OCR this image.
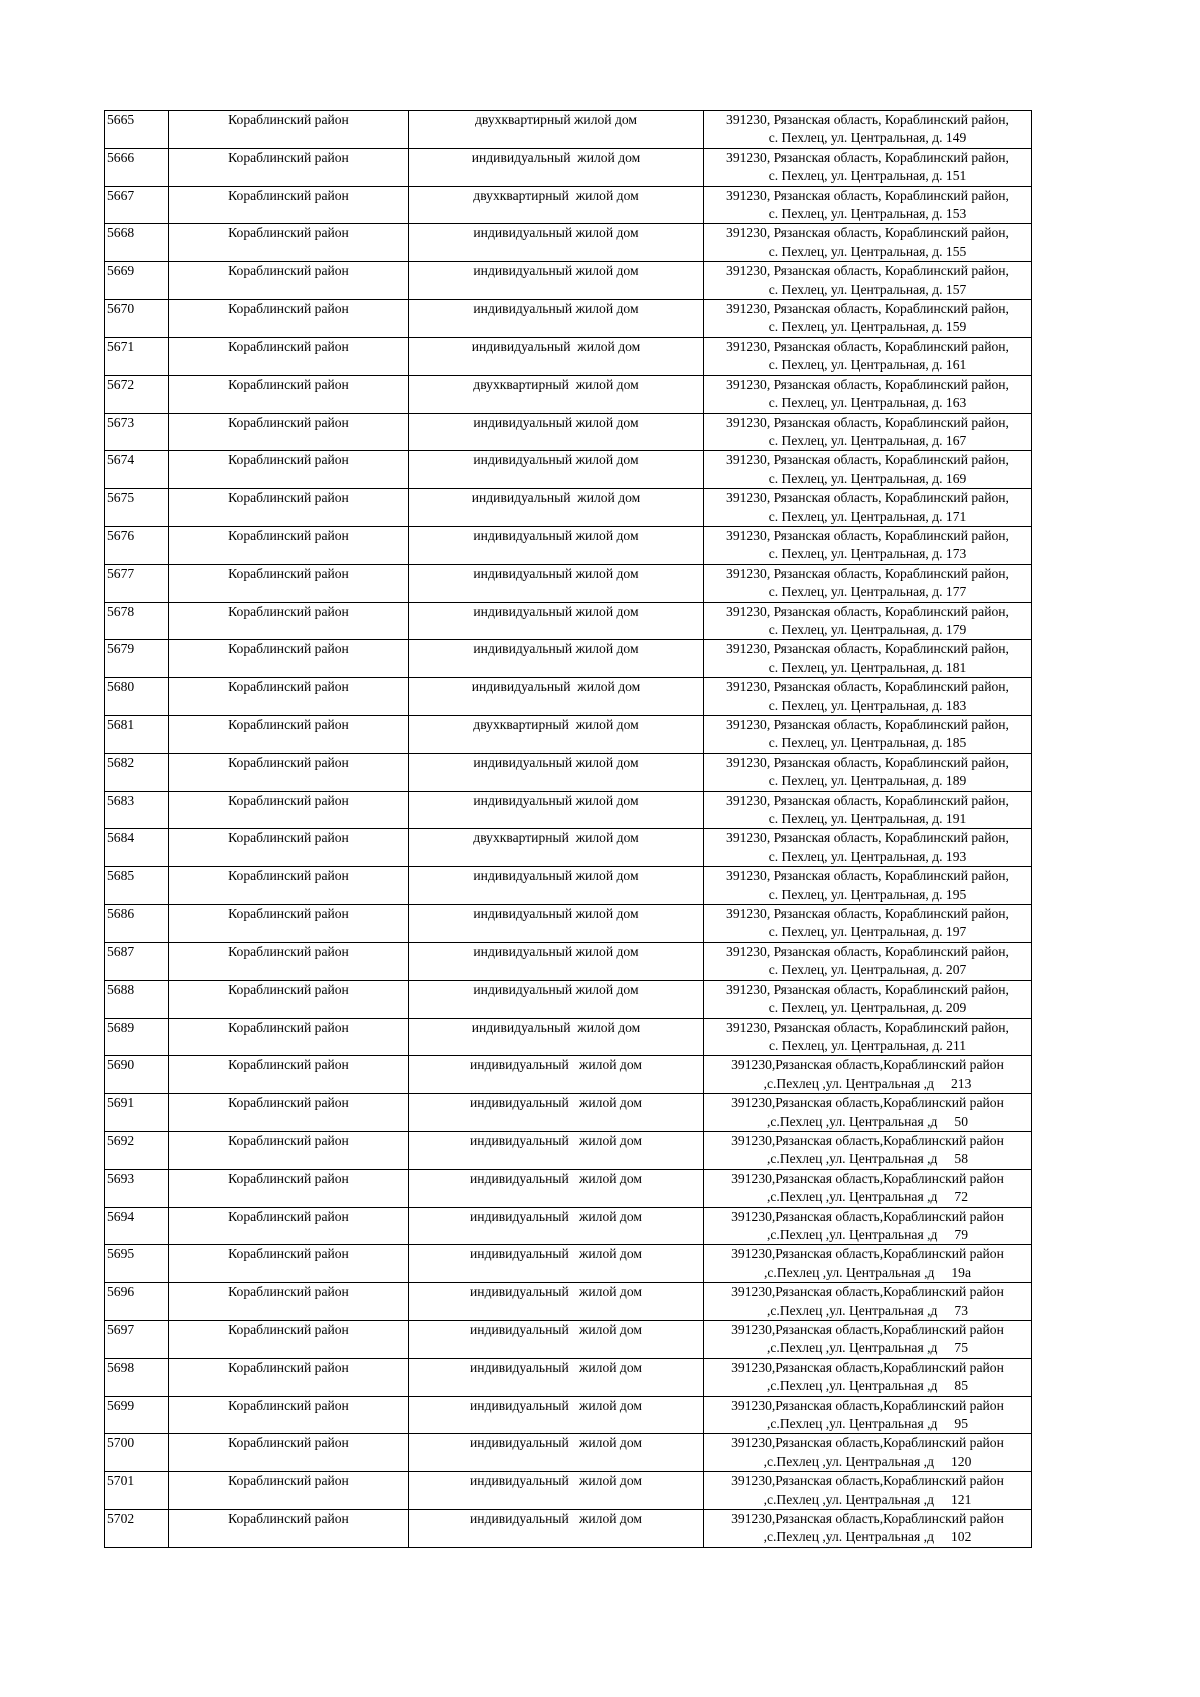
5665	Кораблинский район	двухквартирный жилой дом	391230, Рязанская область, Кораблинский район,
с. Пехлец, ул. Центральная, д. 149

5666	Кораблинский район	индивидуальный  жилой дом	391230, Рязанская область, Кораблинский район,
с. Пехлец, ул. Центральная, д. 151

5667	Кораблинский район	двухквартирный  жилой дом	391230, Рязанская область, Кораблинский район,
с. Пехлец, ул. Центральная, д. 153

5668	Кораблинский район	индивидуальный жилой дом	391230, Рязанская область, Кораблинский район,
с. Пехлец, ул. Центральная, д. 155

5669	Кораблинский район	индивидуальный жилой дом	391230, Рязанская область, Кораблинский район,
с. Пехлец, ул. Центральная, д. 157

5670	Кораблинский район	индивидуальный жилой дом	391230, Рязанская область, Кораблинский район,
с. Пехлец, ул. Центральная, д. 159

5671	Кораблинский район	индивидуальный  жилой дом	391230, Рязанская область, Кораблинский район,
с. Пехлец, ул. Центральная, д. 161

5672	Кораблинский район	двухквартирный  жилой дом	391230, Рязанская область, Кораблинский район,
с. Пехлец, ул. Центральная, д. 163

5673	Кораблинский район	индивидуальный жилой дом	391230, Рязанская область, Кораблинский район,
с. Пехлец, ул. Центральная, д. 167

5674	Кораблинский район	индивидуальный жилой дом	391230, Рязанская область, Кораблинский район,
с. Пехлец, ул. Центральная, д. 169

5675	Кораблинский район	индивидуальный  жилой дом	391230, Рязанская область, Кораблинский район,
с. Пехлец, ул. Центральная, д. 171

5676	Кораблинский район	индивидуальный жилой дом	391230, Рязанская область, Кораблинский район,
с. Пехлец, ул. Центральная, д. 173

5677	Кораблинский район	индивидуальный жилой дом	391230, Рязанская область, Кораблинский район,
с. Пехлец, ул. Центральная, д. 177

5678	Кораблинский район	индивидуальный жилой дом	391230, Рязанская область, Кораблинский район,
с. Пехлец, ул. Центральная, д. 179

5679	Кораблинский район	индивидуальный жилой дом	391230, Рязанская область, Кораблинский район,
с. Пехлец, ул. Центральная, д. 181

5680	Кораблинский район	индивидуальный  жилой дом	391230, Рязанская область, Кораблинский район,
с. Пехлец, ул. Центральная, д. 183

5681	Кораблинский район	двухквартирный  жилой дом	391230, Рязанская область, Кораблинский район,
с. Пехлец, ул. Центральная, д. 185

5682	Кораблинский район	индивидуальный жилой дом	391230, Рязанская область, Кораблинский район,
с. Пехлец, ул. Центральная, д. 189

5683	Кораблинский район	индивидуальный жилой дом	391230, Рязанская область, Кораблинский район,
с. Пехлец, ул. Центральная, д. 191

5684	Кораблинский район	двухквартирный  жилой дом	391230, Рязанская область, Кораблинский район,
с. Пехлец, ул. Центральная, д. 193

5685	Кораблинский район	индивидуальный жилой дом	391230, Рязанская область, Кораблинский район,
с. Пехлец, ул. Центральная, д. 195

5686	Кораблинский район	индивидуальный жилой дом	391230, Рязанская область, Кораблинский район,
с. Пехлец, ул. Центральная, д. 197

5687	Кораблинский район	индивидуальный жилой дом	391230, Рязанская область, Кораблинский район,
с. Пехлец, ул. Центральная, д. 207

5688	Кораблинский район	индивидуальный жилой дом	391230, Рязанская область, Кораблинский район,
с. Пехлец, ул. Центральная, д. 209

5689	Кораблинский район	индивидуальный  жилой дом	391230, Рязанская область, Кораблинский район,
с. Пехлец, ул. Центральная, д. 211

5690	Кораблинский район	индивидуальный   жилой дом	391230,Рязанская область,Кораблинский район
,с.Пехлец ,ул. Центральная ,д     213

5691	Кораблинский район	индивидуальный   жилой дом	391230,Рязанская область,Кораблинский район
,с.Пехлец ,ул. Центральная ,д     50

5692	Кораблинский район	индивидуальный   жилой дом	391230,Рязанская область,Кораблинский район
,с.Пехлец ,ул. Центральная ,д     58

5693	Кораблинский район	индивидуальный   жилой дом	391230,Рязанская область,Кораблинский район
,с.Пехлец ,ул. Центральная ,д     72

5694	Кораблинский район	индивидуальный   жилой дом	391230,Рязанская область,Кораблинский район
,с.Пехлец ,ул. Центральная ,д     79

5695	Кораблинский район	индивидуальный   жилой дом	391230,Рязанская область,Кораблинский район
,с.Пехлец ,ул. Центральная ,д     19а

5696	Кораблинский район	индивидуальный   жилой дом	391230,Рязанская область,Кораблинский район
,с.Пехлец ,ул. Центральная ,д     73

5697	Кораблинский район	индивидуальный   жилой дом	391230,Рязанская область,Кораблинский район
,с.Пехлец ,ул. Центральная ,д     75

5698	Кораблинский район	индивидуальный   жилой дом	391230,Рязанская область,Кораблинский район
,с.Пехлец ,ул. Центральная ,д     85

5699	Кораблинский район	индивидуальный   жилой дом	391230,Рязанская область,Кораблинский район
,с.Пехлец ,ул. Центральная ,д     95

5700	Кораблинский район	индивидуальный   жилой дом	391230,Рязанская область,Кораблинский район
,с.Пехлец ,ул. Центральная ,д     120

5701	Кораблинский район	индивидуальный   жилой дом	391230,Рязанская область,Кораблинский район
,с.Пехлец ,ул. Центральная ,д     121

5702	Кораблинский район	индивидуальный   жилой дом	391230,Рязанская область,Кораблинский район
,с.Пехлец ,ул. Центральная ,д     102
